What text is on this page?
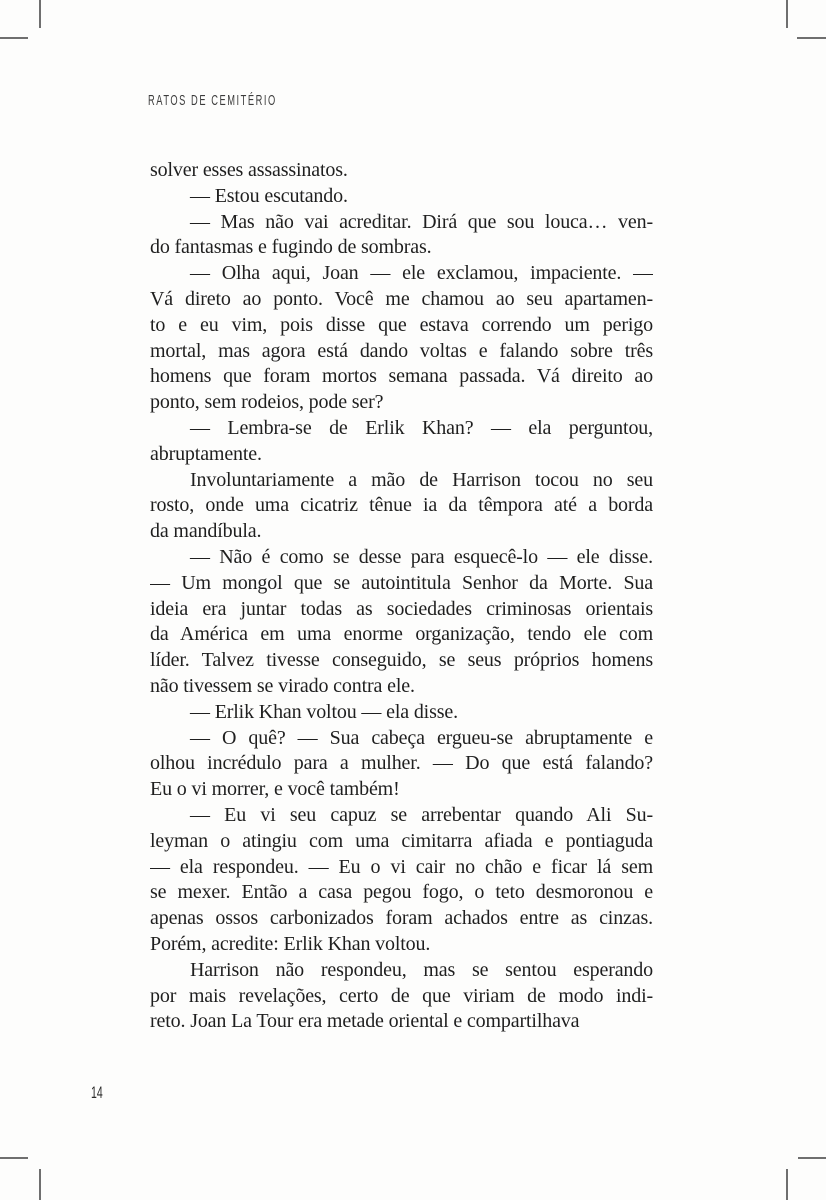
RATOS DE CEMITÉRIO
solver esses assassinatos.
— Estou escutando.
— Mas não vai acreditar. Dirá que sou louca… ven-
do fantasmas e fugindo de sombras.
— Olha aqui, Joan — ele exclamou, impaciente. —
Vá direto ao ponto. Você me chamou ao seu apartamen-
to e eu vim, pois disse que estava correndo um perigo
mortal, mas agora está dando voltas e falando sobre três
homens que foram mortos semana passada. Vá direito ao
ponto, sem rodeios, pode ser?
— Lembra-se de Erlik Khan? — ela perguntou,
abruptamente.
Involuntariamente a mão de Harrison tocou no seu
rosto, onde uma cicatriz tênue ia da têmpora até a borda
da mandíbula.
— Não é como se desse para esquecê-lo — ele disse.
— Um mongol que se autointitula Senhor da Morte. Sua
ideia era juntar todas as sociedades criminosas orientais
da América em uma enorme organização, tendo ele com
líder. Talvez tivesse conseguido, se seus próprios homens
não tivessem se virado contra ele.
— Erlik Khan voltou — ela disse.
— O quê? — Sua cabeça ergueu-se abruptamente e
olhou incrédulo para a mulher. — Do que está falando?
Eu o vi morrer, e você também!
— Eu vi seu capuz se arrebentar quando Ali Su-
leyman o atingiu com uma cimitarra afiada e pontiaguda
— ela respondeu. — Eu o vi cair no chão e ficar lá sem
se mexer. Então a casa pegou fogo, o teto desmoronou e
apenas ossos carbonizados foram achados entre as cinzas.
Porém, acredite: Erlik Khan voltou.
Harrison não respondeu, mas se sentou esperando
por mais revelações, certo de que viriam de modo indi-
reto. Joan La Tour era metade oriental e compartilhava
14
